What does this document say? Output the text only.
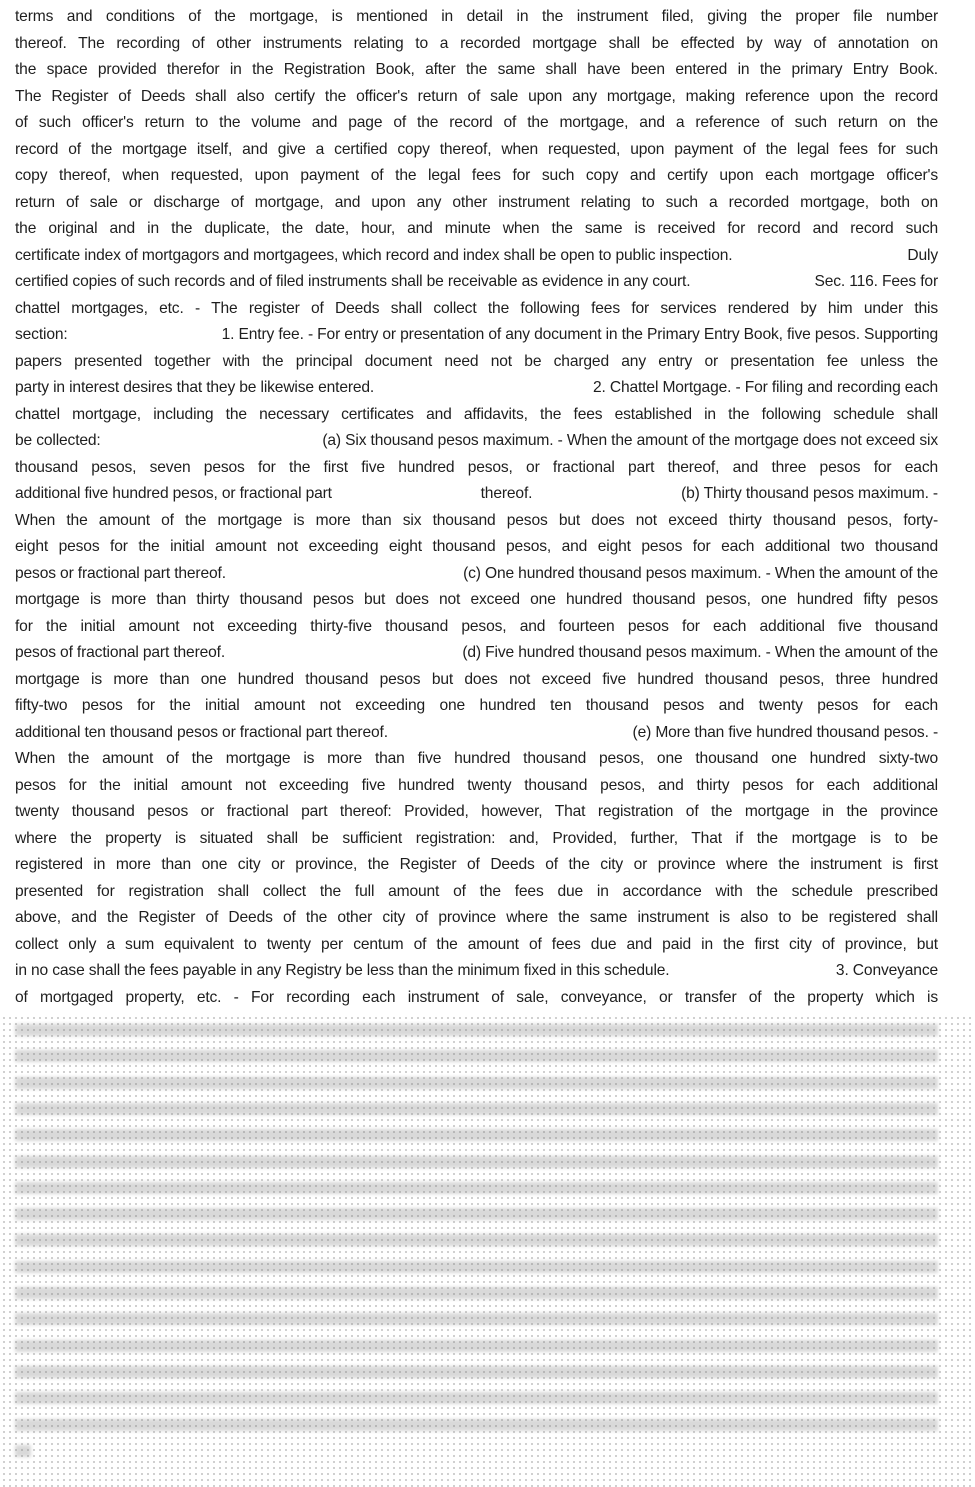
terms and conditions of the mortgage, is mentioned in detail in the instrument filed, giving the proper file number
thereof. The recording of other instruments relating to a recorded mortgage shall be effected by way of annotation on
the space provided therefor in the Registration Book, after the same shall have been entered in the primary Entry Book.
The Register of Deeds shall also certify the officer's return of sale upon any mortgage, making reference upon the record
of such officer's return to the volume and page of the record of the mortgage, and a reference of such return on the
record of the mortgage itself, and give a certified copy thereof, when requested, upon payment of the legal fees for such
copy thereof, when requested, upon payment of the legal fees for such copy and certify upon each mortgage officer's
return of sale or discharge of mortgage, and upon any other instrument relating to such a recorded mortgage, both on
the original and in the duplicate, the date, hour, and minute when the same is received for record and record such
certificate index of mortgagors and mortgagees, which record and index shall be open to public inspection.	Duly
certified copies of such records and of filed instruments shall be receivable as evidence in any court.	Sec. 116. Fees for
chattel mortgages, etc. - The register of Deeds shall collect the following fees for services rendered by him under this
section:	1. Entry fee. - For entry or presentation of any document in the Primary Entry Book, five pesos. Supporting
papers presented together with the principal document need not be charged any entry or presentation fee unless the
party in interest desires that they be likewise entered.	2. Chattel Mortgage. - For filing and recording each
chattel mortgage, including the necessary certificates and affidavits, the fees established in the following schedule shall
be collected:	(a) Six thousand pesos maximum. - When the amount of the mortgage does not exceed six
thousand pesos, seven pesos for the first five hundred pesos, or fractional part thereof, and three pesos for each
additional five hundred pesos, or fractional part	thereof.	(b) Thirty thousand pesos maximum. -
When the amount of the mortgage is more than six thousand pesos but does not exceed thirty thousand pesos, forty-
eight pesos for the initial amount not exceeding eight thousand pesos, and eight pesos for each additional two thousand
pesos or fractional part thereof.	(c) One hundred thousand pesos maximum. - When the amount of the
mortgage is more than thirty thousand pesos but does not exceed one hundred thousand pesos, one hundred fifty pesos
for the initial amount not exceeding thirty-five thousand pesos, and fourteen pesos for each additional five thousand
pesos of fractional part thereof.	(d) Five hundred thousand pesos maximum. - When the amount of the
mortgage is more than one hundred thousand pesos but does not exceed five hundred thousand pesos, three hundred
fifty-two pesos for the initial amount not exceeding one hundred ten thousand pesos and twenty pesos for each
additional ten thousand pesos or fractional part thereof.	(e) More than five hundred thousand pesos. -
When the amount of the mortgage is more than five hundred thousand pesos, one thousand one hundred sixty-two
pesos for the initial amount not exceeding five hundred twenty thousand pesos, and thirty pesos for each additional
twenty thousand pesos or fractional part thereof: Provided, however, That registration of the mortgage in the province
where the property is situated shall be sufficient registration: and, Provided, further, That if the mortgage is to be
registered in more than one city or province, the Register of Deeds of the city or province where the instrument is first
presented for registration shall collect the full amount of the fees due in accordance with the schedule prescribed
above, and the Register of Deeds of the other city of province where the same instrument is also to be registered shall
collect only a sum equivalent to twenty per centum of the amount of fees due and paid in the first city of province, but
in no case shall the fees payable in any Registry be less than the minimum fixed in this schedule.	3. Conveyance
of mortgaged property, etc. - For recording each instrument of sale, conveyance, or transfer of the property which is
